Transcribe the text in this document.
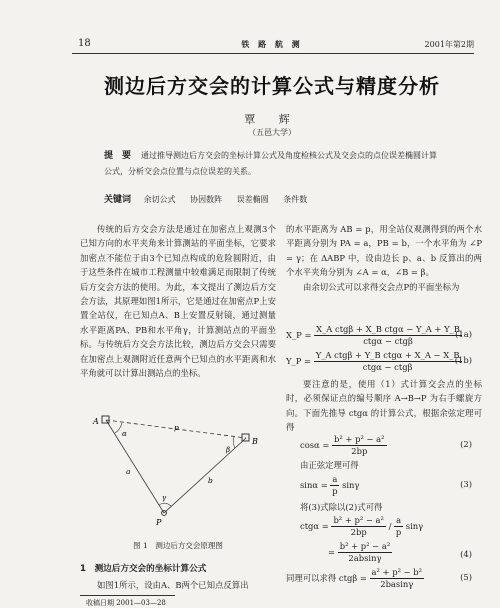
18	铁 路 航 测	2001年第2期
测边后方交会的计算公式与精度分析
覃 辉
（五邑大学）
提　要 通过推导测边后方交会的坐标计算公式及角度检核公式及交会点的点位误差椭圆计算公式，分析交会点位置与点位误差的关系。
关键词 余切公式 协因数阵 误差椭圆 条件数

传统的后方交会方法是通过在加密点上观测3个已知方向的水平夹角来计算测站的平面坐标，它要求加密点不能位于由3个已知点构成的危险圆附近，由于这些条件在城市工程测量中较难满足而限制了传统后方交会方法的使用。为此，本文提出了测边后方交会方法，其原理如图1所示，它是通过在加密点P上安置全站仪，在已知点A、B上安置反射镜，通过测量水平距离PA、PB和水平角γ，计算测站点的平面坐标。与传统后方交会方法比较，测边后方交会只需要在加密点上观测附近任意两个已知点的水平距离和水平角就可以计算出测站点的坐标。

A
B
P
p
a
b
α
β
γ
图 1　测边后方交会原理图
1　测边后方交会的坐标计算公式
如图1所示，设由A、B两个已知点反算出
收稿日期 2001—03—28

的水平距离为 AB = p，用全站仪观测得到的两个水平距离分别为 PA = a，PB = b，一个水平角为 ∠P = γ；在 ΔABP 中，设由边长 p、a、b 反算出的两个水平夹角分别为 ∠A = α，∠B = β。

由余切公式可以求得交会点P的平面坐标为

X_P = $\frac{\text{X\_A ctgβ + X\_B ctgα − Y\_A + Y\_B}}{\text{ctgα − ctgβ}}$
(1a)
Y_P = $\frac{\text{Y\_A ctgβ + Y\_B ctgα + X\_A − X\_B}}{\text{ctgα − ctgβ}}$
(1b)
要注意的是，使用（1）式计算交会点的坐标时，必须保证点的编号顺序 A→B→P 为右手螺旋方向。下面先推导 ctgα 的计算公式，根据余弦定理可得
$\cos\alpha = \frac{\text{b² + p² − a²}}{2bp}$	(2)
由正弦定理可得
$\sin\alpha = \frac{a}{p}$ sinγ	(3)
将(3)式除以(2)式可得
$ctg\alpha = \frac{\text{b² + p² − a²}}{2bp} / \frac{a}{p}$ sinγ
= $\frac{\text{b² + p² − a²}}{2absin\gamma}$	(4)
同理可以求得 $ctg\beta = \frac{\text{a² + p² − b²}}{2basin\gamma}$	(5)
